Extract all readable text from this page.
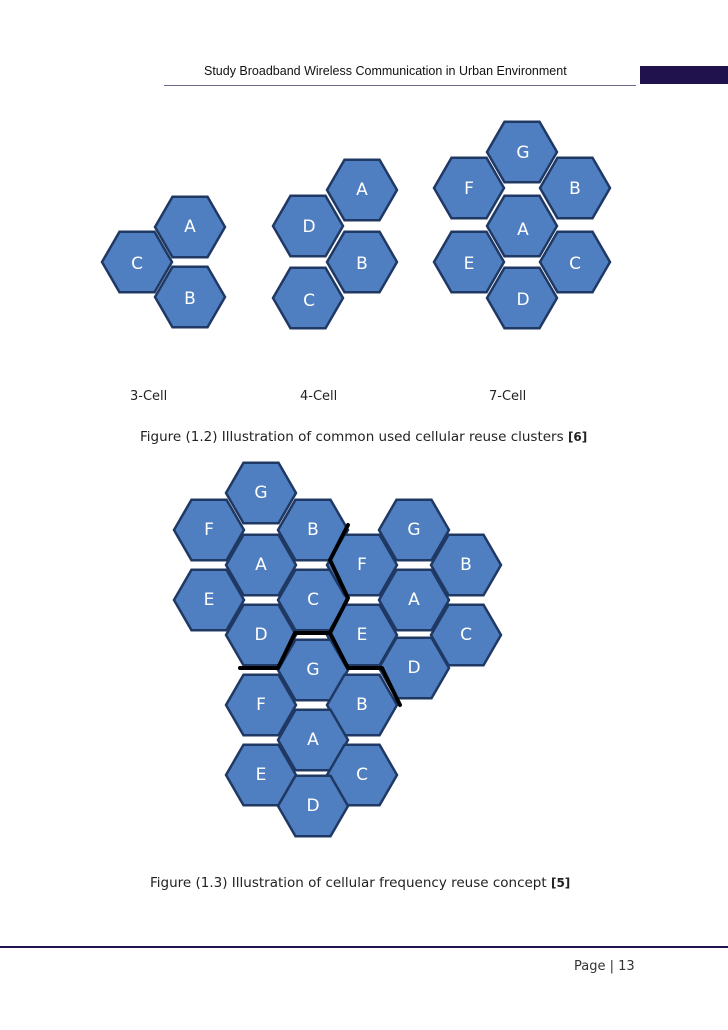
Study Broadband Wireless Communication in Urban Environment
A
C
B
A
D
B
C
G
F	B
A
E	C
D
3-Cell	4-Cell	7-Cell
Figure (1.2) Illustration of common used cellular reuse clusters [6]
G
F	B
A
E	C
D
G
F	B
A
E	C
D
G
F	B
A
E	C
D
Figure (1.3) Illustration of cellular frequency reuse concept [5]
Page | 13
